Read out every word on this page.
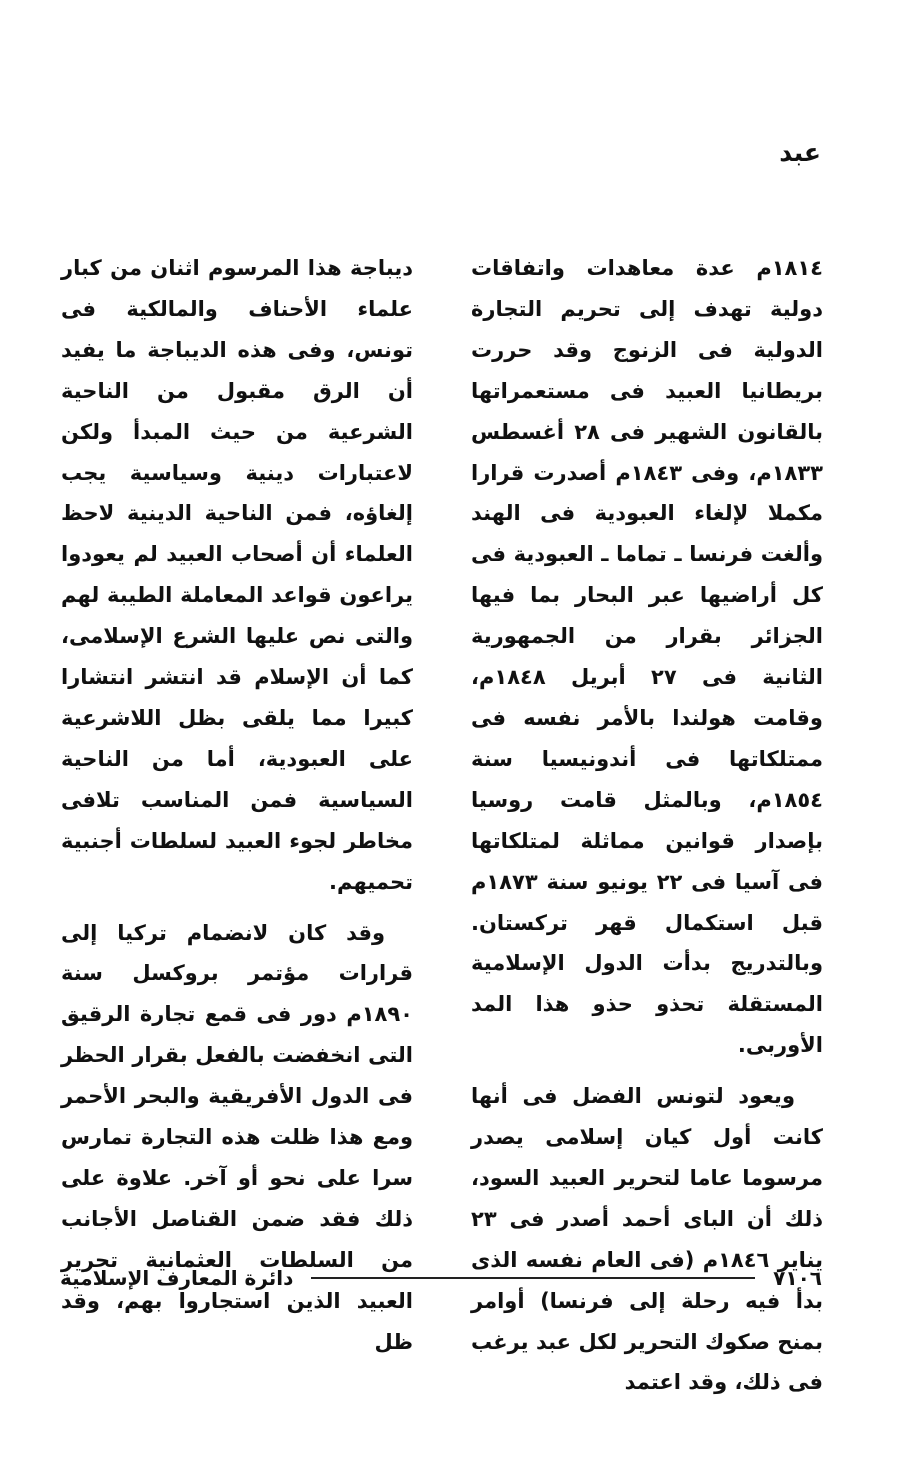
عبد

١٨١٤م عدة معاهدات واتفاقات دولية تهدف إلى تحريم التجارة الدولية فى الزنوج وقد حررت بريطانيا العبيد فى مستعمراتها بالقانون الشهير فى ٢٨ أغسطس ١٨٣٣م، وفى ١٨٤٣م أصدرت قرارا مكملا لإلغاء العبودية فى الهند وألغت فرنسا ـ تماما ـ العبودية فى كل أراضيها عبر البحار بما فيها الجزائر بقرار من الجمهورية الثانية فى ٢٧ أبريل ١٨٤٨م، وقامت هولندا بالأمر نفسه فى ممتلكاتها فى أندونيسيا سنة ١٨٥٤م، وبالمثل قامت روسيا بإصدار قوانين مماثلة لمتلكاتها فى آسيا فى ٢٢ يونيو سنة ١٨٧٣م قبل استكمال قهر تركستان. وبالتدريج بدأت الدول الإسلامية المستقلة تحذو حذو هذا المد الأوربى.

ويعود لتونس الفضل فى أنها كانت أول كيان إسلامى يصدر مرسوما عاما لتحرير العبيد السود، ذلك أن الباى أحمد أصدر فى ٢٣ يناير ١٨٤٦م (فى العام نفسه الذى بدأ فيه رحلة إلى فرنسا) أوامر بمنح صكوك التحرير لكل عبد يرغب فى ذلك، وقد اعتمد

ديباجة هذا المرسوم اثنان من كبار علماء الأحناف والمالكية فى تونس، وفى هذه الديباجة ما يفيد أن الرق مقبول من الناحية الشرعية من حيث المبدأ ولكن لاعتبارات دينية وسياسية يجب إلغاؤه، فمن الناحية الدينية لاحظ العلماء أن أصحاب العبيد لم يعودوا يراعون قواعد المعاملة الطيبة لهم والتى نص عليها الشرع الإسلامى، كما أن الإسلام قد انتشر انتشارا كبيرا مما يلقى بظل اللاشرعية على العبودية، أما من الناحية السياسية فمن المناسب تلافى مخاطر لجوء العبيد لسلطات أجنبية تحميهم.

وقد كان لانضمام تركيا إلى قرارات مؤتمر بروكسل سنة ١٨٩٠م دور فى قمع تجارة الرقيق التى انخفضت بالفعل بقرار الحظر فى الدول الأفريقية والبحر الأحمر ومع هذا ظلت هذه التجارة تمارس سرا على نحو أو آخر. علاوة على ذلك فقد ضمن القناصل الأجانب من السلطات العثمانية تحرير العبيد الذين استجاروا بهم، وقد ظل

دائرة المعارف الإسلامية	٧١٠٦
